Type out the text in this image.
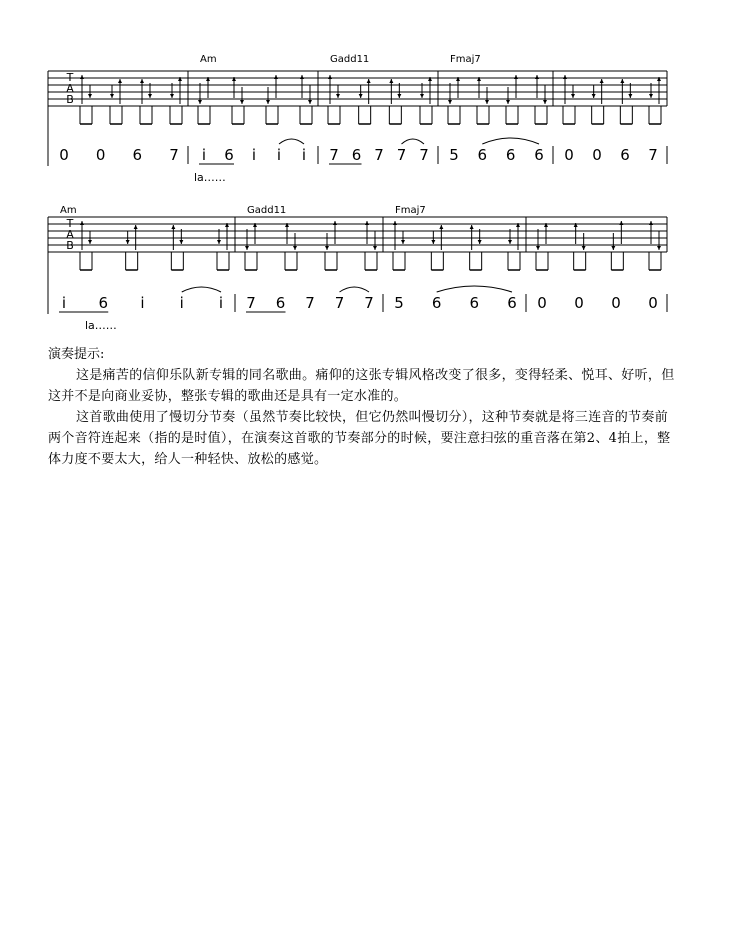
T
A
B
Am	Gadd11	Fmaj7
0 0 6 7 i 6 i i i 7 6 7 7 7 5 6 6 6 0 0 6 7
la……
T
A
B
Am	Gadd11	Fmaj7
i 6 i i i 7 6 7 7 7 5 6 6 6 0 0 0 0
la……

演奏提示:

这是痛苦的信仰乐队新专辑的同名歌曲。痛仰的这张专辑风格改变了很多，变得轻柔、悦耳、好听，但这并不是向商业妥协，整张专辑的歌曲还是具有一定水准的。

这首歌曲使用了慢切分节奏（虽然节奏比较快，但它仍然叫慢切分），这种节奏就是将三连音的节奏前两个音符连起来（指的是时值），在演奏这首歌的节奏部分的时候，要注意扫弦的重音落在第2、4拍上，整体力度不要太大，给人一种轻快、放松的感觉。
